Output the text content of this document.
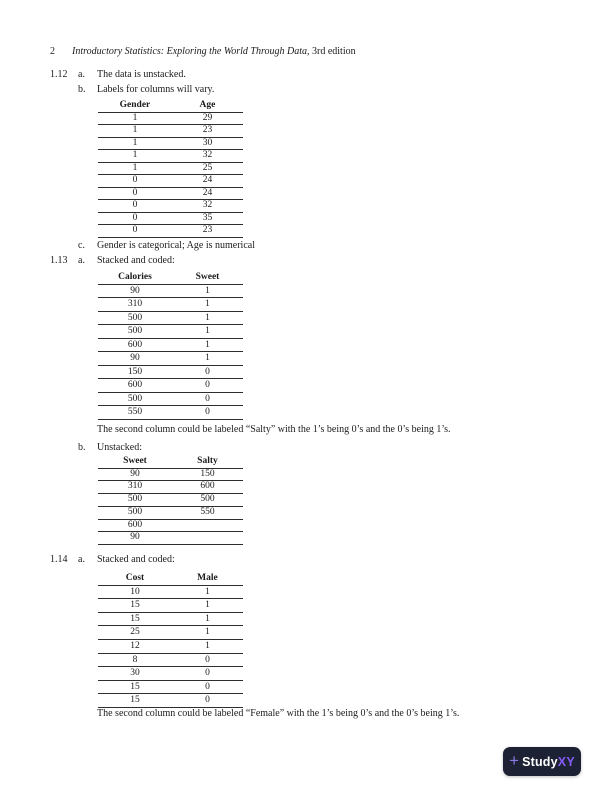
2 Introductory Statistics: Exploring the World Through Data, 3rd edition
1.12 a. The data is unstacked.
b. Labels for columns will vary.
Gender	Age
1	29
1	23
1	30
1	32
1	25
0	24
0	24
0	32
0	35
0	23
c. Gender is categorical; Age is numerical
1.13 a. Stacked and coded:
Calories	Sweet
90	1
310	1
500	1
500	1
600	1
90	1
150	0
600	0
500	0
550	0
The second column could be labeled “Salty” with the 1’s being 0’s and the 0’s being 1’s.
b. Unstacked:
Sweet	Salty
90	150
310	600
500	500
500	550
600	
90	
1.14 a. Stacked and coded:
Cost	Male
10	1
15	1
15	1
25	1
12	1
8	0
30	0
15	0
15	0
The second column could be labeled “Female” with the 1’s being 0’s and the 0’s being 1’s.
+ StudyXY
